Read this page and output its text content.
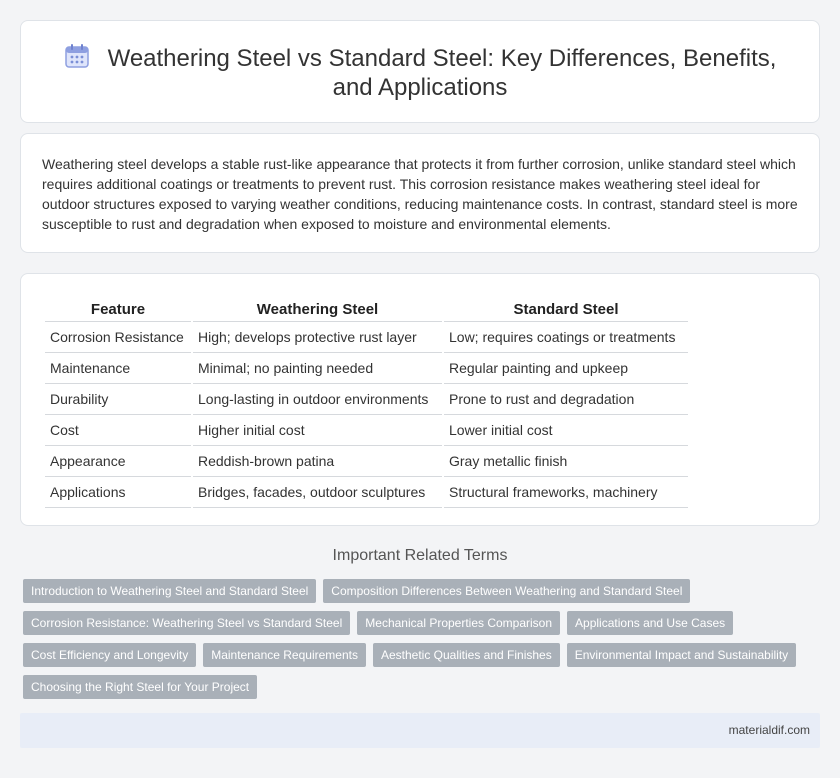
Weathering Steel vs Standard Steel: Key Differences, Benefits, and Applications

Weathering steel develops a stable rust-like appearance that protects it from further corrosion, unlike standard steel which requires additional coatings or treatments to prevent rust. This corrosion resistance makes weathering steel ideal for outdoor structures exposed to varying weather conditions, reducing maintenance costs. In contrast, standard steel is more susceptible to rust and degradation when exposed to moisture and environmental elements.

Feature	Weathering Steel	Standard Steel
Corrosion Resistance	High; develops protective rust layer	Low; requires coatings or treatments
Maintenance	Minimal; no painting needed	Regular painting and upkeep
Durability	Long-lasting in outdoor environments	Prone to rust and degradation
Cost	Higher initial cost	Lower initial cost
Appearance	Reddish-brown patina	Gray metallic finish
Applications	Bridges, facades, outdoor sculptures	Structural frameworks, machinery
Important Related Terms
Introduction to Weathering Steel and Standard Steel	Composition Differences Between Weathering and Standard Steel
Corrosion Resistance: Weathering Steel vs Standard Steel	Mechanical Properties Comparison	Applications and Use Cases
Cost Efficiency and Longevity	Maintenance Requirements	Aesthetic Qualities and Finishes	Environmental Impact and Sustainability
Choosing the Right Steel for Your Project
materialdif.com
